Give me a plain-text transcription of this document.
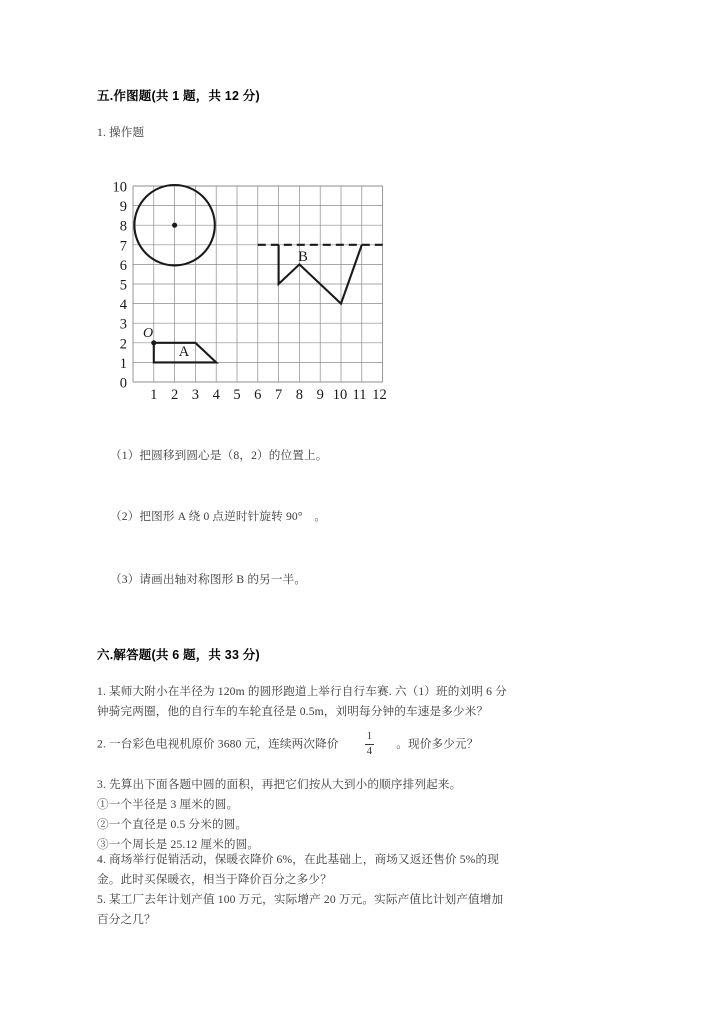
五.作图题(共 1 题，共 12 分)
1. 操作题
10
9
8
7
6
5
4
3
2
1
0
1 2 3 4 5 6 7 8 9 10 11 12
O
A
B
（1）把圆移到圆心是（8，2）的位置上。
（2）把图形 A 绕 0 点逆时针旋转 90°　。
（3）请画出轴对称图形 B 的另一半。
六.解答题(共 6 题，共 33 分)

1. 某师大附小在半径为 120m 的圆形跑道上举行自行车赛. 六（1）班的刘明 6 分

钟骑完两圈，他的自行车的车轮直径是 0.5m，刘明每分钟的车速是多少米？

2. 一台彩色电视机原价 3680 元，连续两次降价 $\frac{1}{4}$ 。现价多少元？

3. 先算出下面各题中圆的面积，再把它们按从大到小的顺序排列起来。

①一个半径是 3 厘米的圆。

②一个直径是 0.5 分米的圆。

③一个周长是 25.12 厘米的圆。

4. 商场举行促销活动，保暖衣降价 6%，在此基础上，商场又返还售价 5%的现

金。此时买保暖衣，相当于降价百分之多少？

5. 某工厂去年计划产值 100 万元，实际增产 20 万元。实际产值比计划产值增加

百分之几？
